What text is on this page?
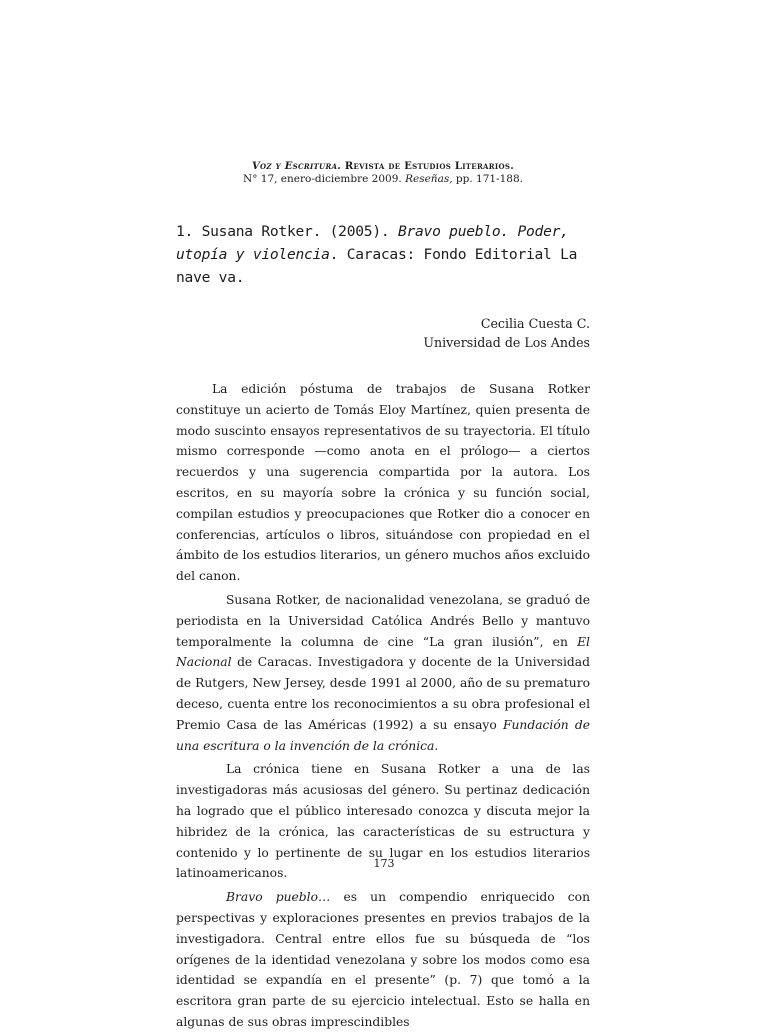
Voz y Escritura. Revista de Estudios Literarios.
N° 17, enero-diciembre 2009. Reseñas, pp. 171-188.
1. Susana Rotker. (2005). Bravo pueblo. Poder, utopía y violencia. Caracas: Fondo Editorial La nave va.
Cecilia Cuesta C.
Universidad de Los Andes

La edición póstuma de trabajos de Susana Rotker constituye un acierto de Tomás Eloy Martínez, quien presenta de modo suscinto ensayos representativos de su trayectoria. El título mismo corresponde —como anota en el prólogo— a ciertos recuerdos y una sugerencia compartida por la autora. Los escritos, en su mayoría sobre la crónica y su función social, compilan estudios y preocupaciones que Rotker dio a conocer en conferencias, artículos o libros, situándose con propiedad en el ámbito de los estudios literarios, un género muchos años excluido del canon.

Susana Rotker, de nacionalidad venezolana, se graduó de periodista en la Universidad Católica Andrés Bello y mantuvo temporalmente la columna de cine “La gran ilusión”, en El Nacional de Caracas. Investigadora y docente de la Universidad de Rutgers, New Jersey, desde 1991 al 2000, año de su prematuro deceso, cuenta entre los reconocimientos a su obra profesional el Premio Casa de las Américas (1992) a su ensayo Fundación de una escritura o la invención de la crónica.

La crónica tiene en Susana Rotker a una de las investigadoras más acusiosas del género. Su pertinaz dedicación ha logrado que el público interesado conozca y discuta mejor la hibridez de la crónica, las características de su estructura y contenido y lo pertinente de su lugar en los estudios literarios latinoamericanos.

Bravo pueblo… es un compendio enriquecido con perspectivas y exploraciones presentes en previos trabajos de la investigadora. Central entre ellos fue su búsqueda de “los orígenes de la identidad venezolana y sobre los modos como esa identidad se expandía en el presente” (p. 7) que tomó a la escritora gran parte de su ejercicio intelectual. Esto se halla en algunas de sus obras imprescindibles

173
